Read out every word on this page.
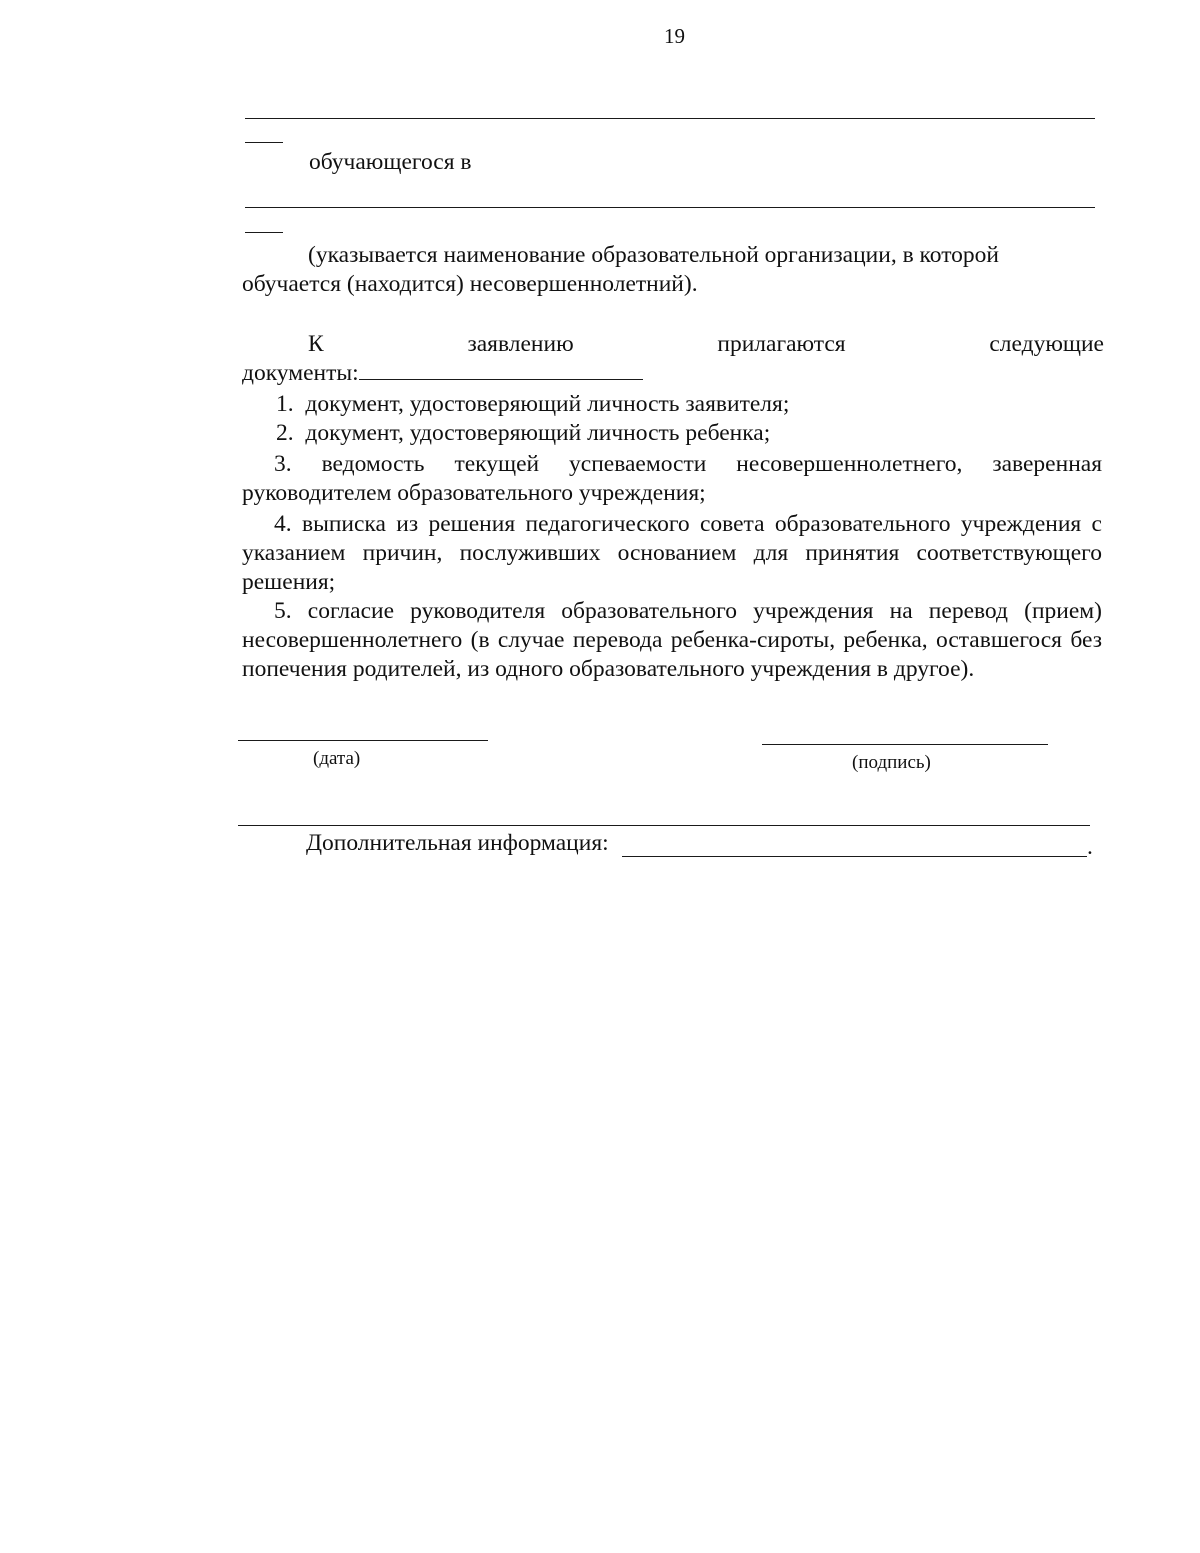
19
обучающегося в
(указывается наименование образовательной организации, в которой обучается (находится) несовершеннолетний).
К	заявлению	прилагаются	следующие
документы:
1. документ, удостоверяющий личность заявителя;
2. документ, удостоверяющий личность ребенка;
3. ведомость текущей успеваемости несовершеннолетнего, заверенная руководителем образовательного учреждения;
4. выписка из решения педагогического совета образовательного учреждения с указанием причин, послуживших основанием для принятия соответствующего решения;
5. согласие руководителя образовательного учреждения на перевод (прием) несовершеннолетнего (в случае перевода ребенка-сироты, ребенка, оставшегося без попечения родителей, из одного образовательного учреждения в другое).
(дата)	(подпись)
Дополнительная информация:	.
